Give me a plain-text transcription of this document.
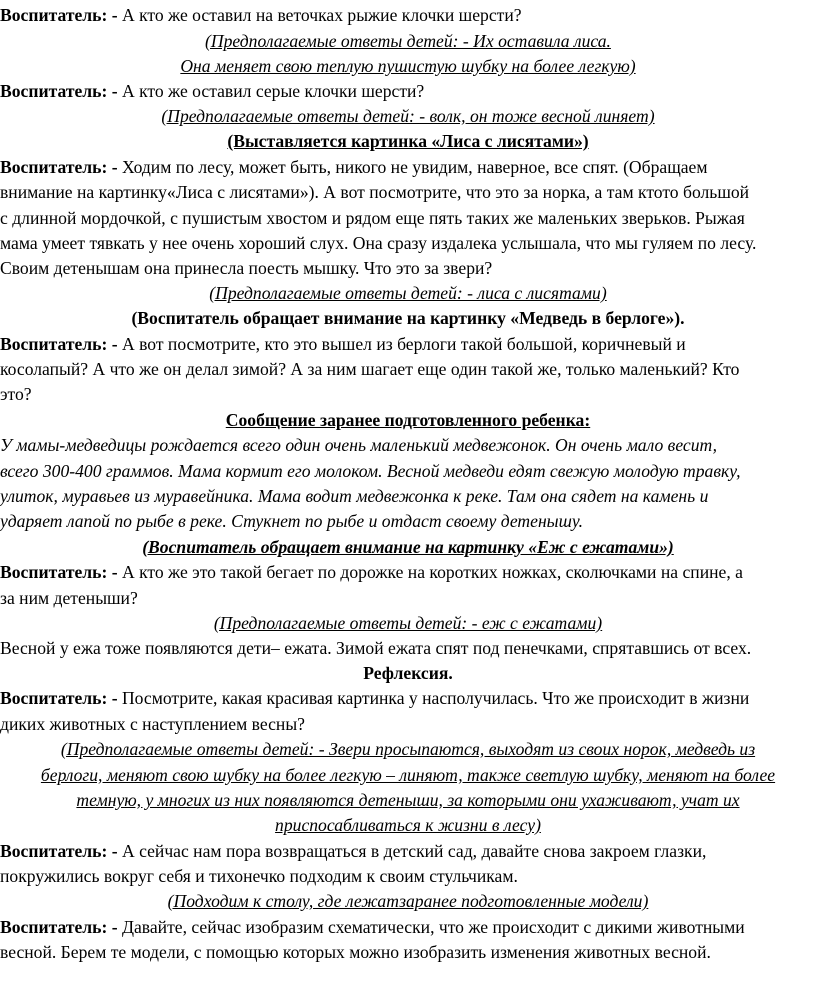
Воспитатель: - А кто же оставил на веточках рыжие клочки шерсти?
(Предполагаемые ответы детей: - Их оставила лиса.
Она меняет свою теплую пушистую шубку на более легкую)
Воспитатель: - А кто же оставил серые клочки шерсти?
(Предполагаемые ответы детей: - волк, он тоже весной линяет)
(Выставляется картинка «Лиса с лисятами»)
Воспитатель: - Ходим по лесу, может быть, никого не увидим, наверное, все спят. (Обращаем
внимание на картинку«Лиса с лисятами»). А вот посмотрите, что это за норка, а там ктото большой
с длинной мордочкой, с пушистым хвостом и рядом еще пять таких же маленьких зверьков. Рыжая
мама умеет тявкать у нее очень хороший слух. Она сразу издалека услышала, что мы гуляем по лесу.
Своим детенышам она принесла поесть мышку. Что это за звери?
(Предполагаемые ответы детей: - лиса с лисятами)
(Воспитатель обращает внимание на картинку «Медведь в берлоге»).
Воспитатель: - А вот посмотрите, кто это вышел из берлоги такой большой, коричневый и
косолапый? А что же он делал зимой? А за ним шагает еще один такой же, только маленький? Кто
это?
Сообщение заранее подготовленного ребенка:
У мамы-медведицы рождается всего один очень маленький медвежонок. Он очень мало весит,
всего 300-400 граммов. Мама кормит его молоком. Весной медведи едят свежую молодую травку,
улиток, муравьев из муравейника. Мама водит медвежонка к реке. Там она сядет на камень и
ударяет лапой по рыбе в реке. Стукнет по рыбе и отдаст своему детенышу.
(Воспитатель обращает внимание на картинку «Еж с ежатами»)
Воспитатель: - А кто же это такой бегает по дорожке на коротких ножках, сколючками на спине, а
за ним детеныши?
(Предполагаемые ответы детей: - еж с ежатами)
Весной у ежа тоже появляются дети– ежата. Зимой ежата спят под пенечками, спрятавшись от всех.
Рефлексия.
Воспитатель: - Посмотрите, какая красивая картинка у насполучилась. Что же происходит в жизни
диких животных с наступлением весны?
(Предполагаемые ответы детей: - Звери просыпаются, выходят из своих норок, медведь из
берлоги, меняют свою шубку на более легкую – линяют, также светлую шубку, меняют на более
темную, у многих из них появляются детеныши, за которыми они ухаживают, учат их
приспосабливаться к жизни в лесу)
Воспитатель: - А сейчас нам пора возвращаться в детский сад, давайте снова закроем глазки,
покружились вокруг себя и тихонечко подходим к своим стульчикам.
(Подходим к столу, где лежатзаранее подготовленные модели)
Воспитатель: - Давайте, сейчас изобразим схематически, что же происходит с дикими животными
весной. Берем те модели, с помощью которых можно изобразить изменения животных весной.
